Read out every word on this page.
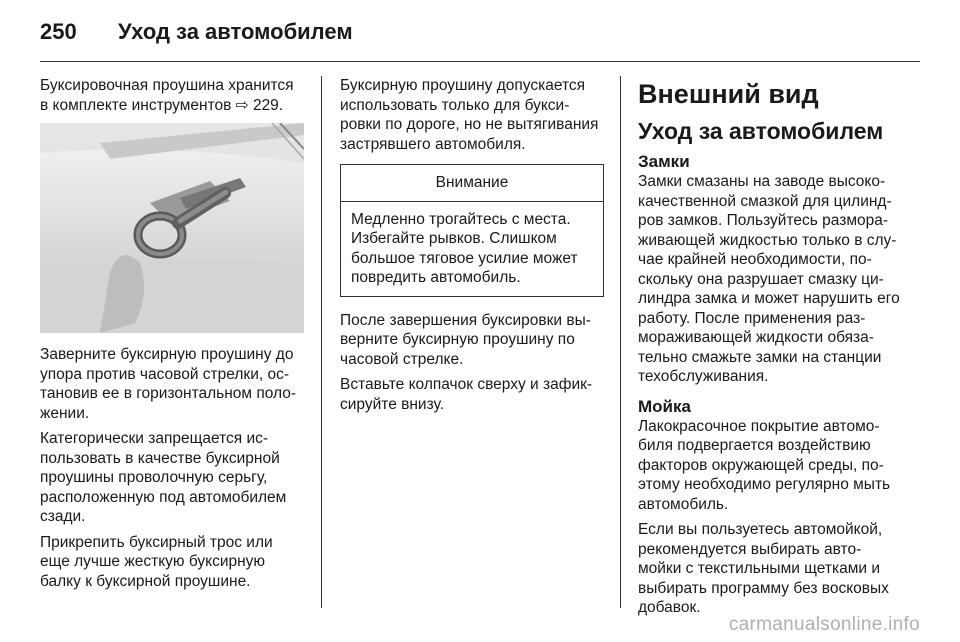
250	Уход за автомобилем

Буксировочная проушина хранится в комплекте инструментов ⇨ 229.

Заверните буксирную проушину до упора против часовой стрелки, ос- тановив ее в горизонтальном поло- жении.

Категорически запрещается ис- пользовать в качестве буксирной проушины проволочную серьгу, расположенную под автомобилем сзади.

Прикрепить буксирный трос или еще лучше жесткую буксирную балку к буксирной проушине.

Буксирную проушину допускается использовать только для букси- ровки по дороге, но не вытягивания застрявшего автомобиля.

Внимание
Медленно трогайтесь с места. Избегайте рывков. Слишком большое тяговое усилие может повредить автомобиль.

После завершения буксировки вы- верните буксирную проушину по часовой стрелке.

Вставьте колпачок сверху и зафик- сируйте внизу.

Внешний вид
Уход за автомобилем
Замки

Замки смазаны на заводе высоко- качественной смазкой для цилинд- ров замков. Пользуйтесь размора- живающей жидкостью только в слу- чае крайней необходимости, по- скольку она разрушает смазку ци- линдра замка и может нарушить его работу. После применения раз- мораживающей жидкости обяза- тельно смажьте замки на станции техобслуживания.

Мойка

Лакокрасочное покрытие автомо- биля подвергается воздействию факторов окружающей среды, по- этому необходимо регулярно мыть автомобиль.

Если вы пользуетесь автомойкой, рекомендуется выбирать авто- мойки с текстильными щетками и выбирать программу без восковых добавок.

carmanualsonline.info
